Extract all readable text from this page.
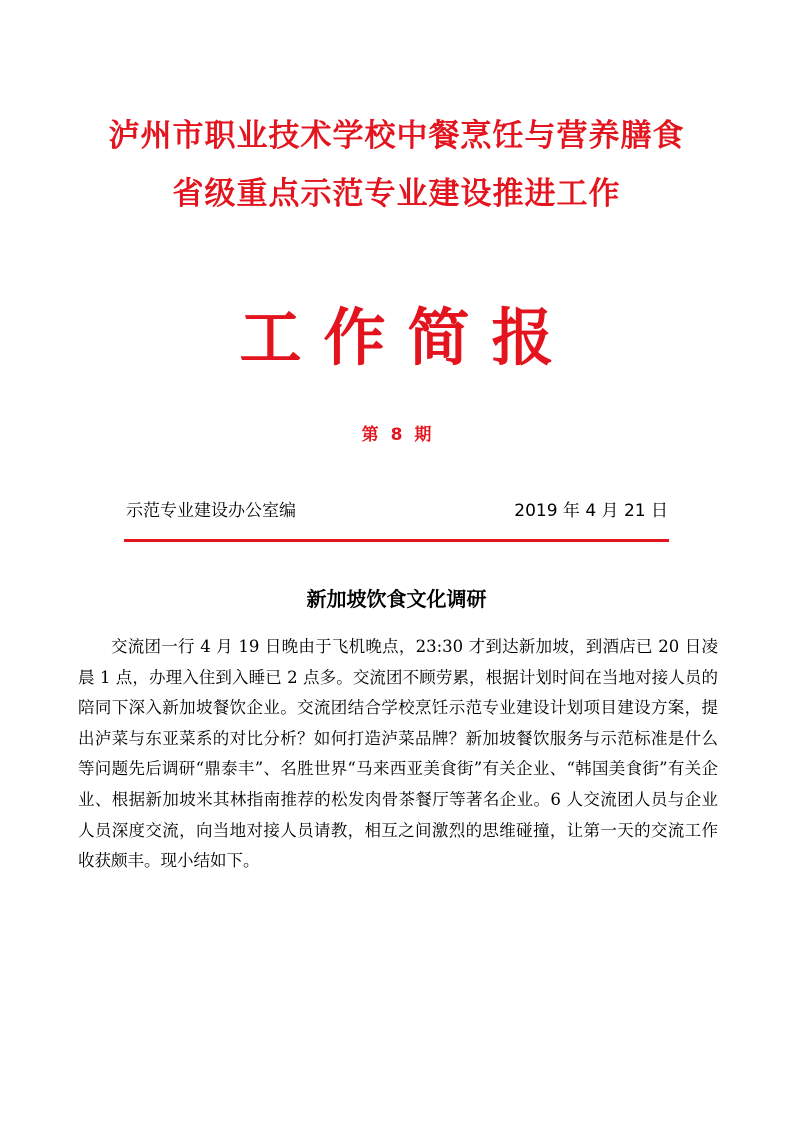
泸州市职业技术学校中餐烹饪与营养膳食
省级重点示范专业建设推进工作
工作简报
第 8 期
示范专业建设办公室编	2019 年 4 月 21 日
新加坡饮食文化调研

交流团一行 4 月 19 日晚由于飞机晚点，23:30 才到达新加坡，到酒店已 20 日凌晨 1 点，办理入住到入睡已 2 点多。交流团不顾劳累，根据计划时间在当地对接人员的陪同下深入新加坡餐饮企业。交流团结合学校烹饪示范专业建设计划项目建设方案，提出泸菜与东亚菜系的对比分析？如何打造泸菜品牌？新加坡餐饮服务与示范标准是什么等问题先后调研“鼎泰丰”、名胜世界“马来西亚美食街”有关企业、“韩国美食街”有关企业、根据新加坡米其林指南推荐的松发肉骨茶餐厅等著名企业。6 人交流团人员与企业人员深度交流，向当地对接人员请教，相互之间激烈的思维碰撞，让第一天的交流工作收获颇丰。现小结如下。
